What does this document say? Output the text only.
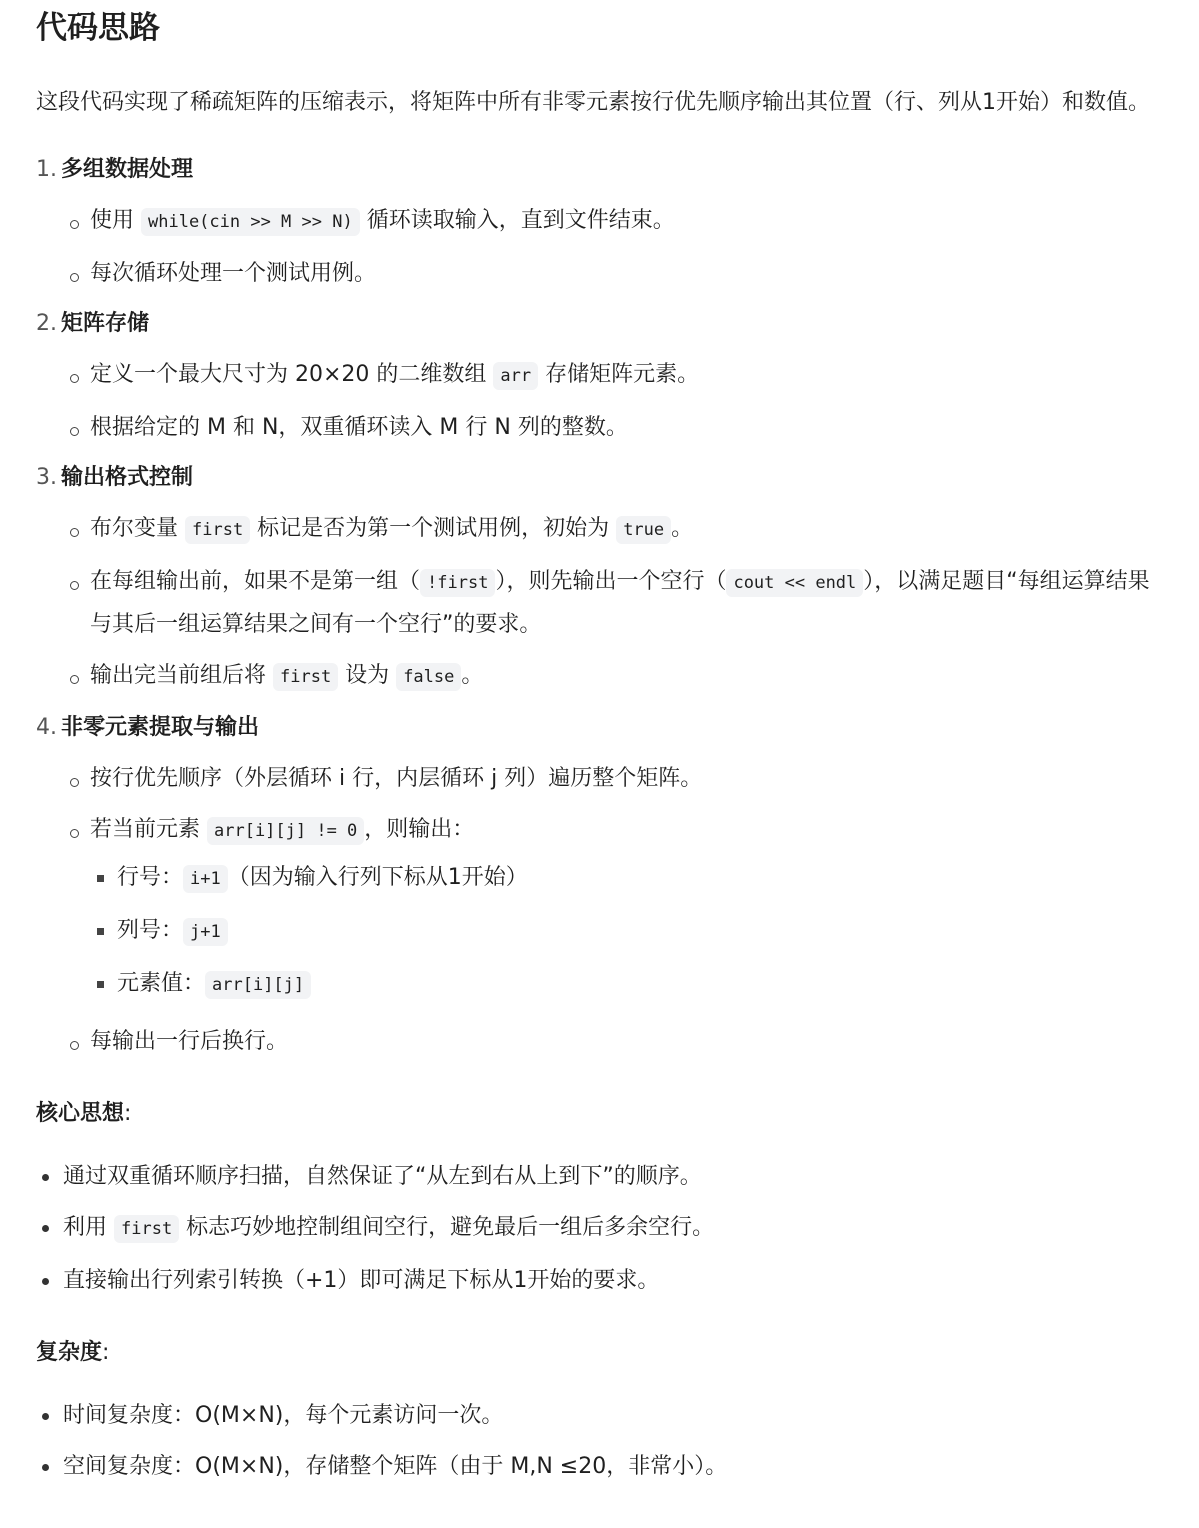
代码思路

这段代码实现了稀疏矩阵的压缩表示，将矩阵中所有非零元素按行优先顺序输出其位置（行、列从1开始）和数值。

1. 多组数据处理
使用 while(cin >> M >> N) 循环读取输入，直到文件结束。
每次循环处理一个测试用例。
2. 矩阵存储
定义一个最大尺寸为 20×20 的二维数组 arr 存储矩阵元素。
根据给定的 M 和 N，双重循环读入 M 行 N 列的整数。
3. 输出格式控制
布尔变量 first 标记是否为第一个测试用例，初始为 true 。
在每组输出前，如果不是第一组（ !first ），则先输出一个空行（ cout << endl ），以满足题目“每组运算结果与其后一组运算结果之间有一个空行”的要求。
输出完当前组后将 first 设为 false 。
4. 非零元素提取与输出
按行优先顺序（外层循环 i 行，内层循环 j 列）遍历整个矩阵。
若当前元素 arr[i][j] != 0 ，则输出：
行号： i+1 （因为输入行列下标从1开始）
列号： j+1
元素值： arr[i][j]
每输出一行后换行。
核心思想:
通过双重循环顺序扫描，自然保证了“从左到右从上到下”的顺序。
利用 first 标志巧妙地控制组间空行，避免最后一组后多余空行。
直接输出行列索引转换（+1）即可满足下标从1开始的要求。
复杂度:
时间复杂度：O(M×N)，每个元素访问一次。
空间复杂度：O(M×N)，存储整个矩阵（由于 M,N ≤20，非常小）。
